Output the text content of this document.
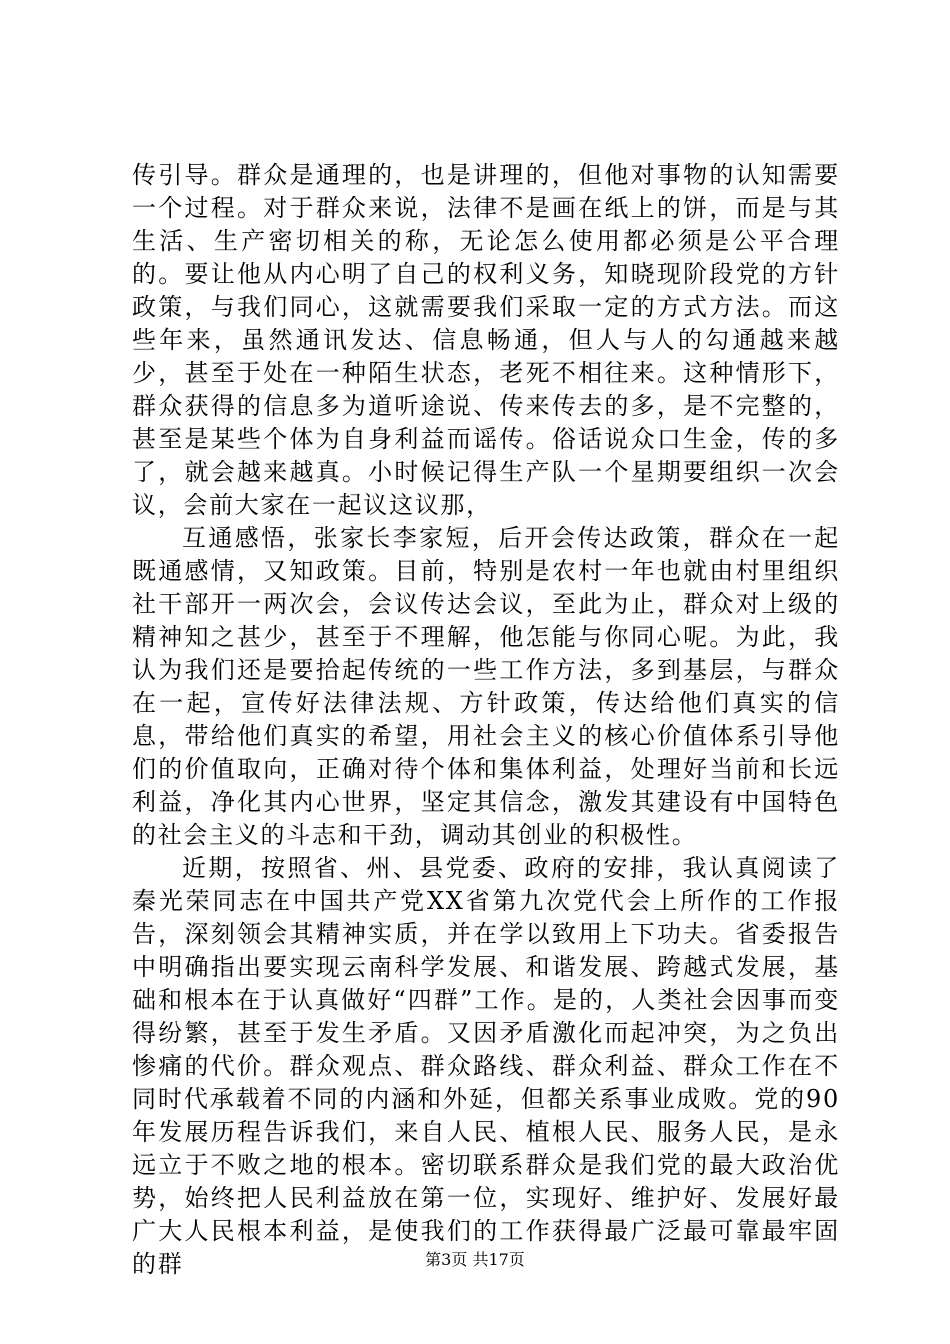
传引导。群众是通理的，也是讲理的，但他对事物的认知需要一个过程。对于群众来说，法律不是画在纸上的饼，而是与其生活、生产密切相关的称，无论怎么使用都必须是公平合理的。要让他从内心明了自己的权利义务，知晓现阶段党的方针政策，与我们同心，这就需要我们采取一定的方式方法。而这些年来，虽然通讯发达、信息畅通，但人与人的勾通越来越少，甚至于处在一种陌生状态，老死不相往来。这种情形下，群众获得的信息多为道听途说、传来传去的多，是不完整的，甚至是某些个体为自身利益而谣传。俗话说众口生金，传的多了，就会越来越真。小时候记得生产队一个星期要组织一次会议，会前大家在一起议这议那，

互通感悟，张家长李家短，后开会传达政策，群众在一起既通感情，又知政策。目前，特别是农村一年也就由村里组织社干部开一两次会，会议传达会议，至此为止，群众对上级的精神知之甚少，甚至于不理解，他怎能与你同心呢。为此，我认为我们还是要拾起传统的一些工作方法，多到基层，与群众在一起，宣传好法律法规、方针政策，传达给他们真实的信息，带给他们真实的希望，用社会主义的核心价值体系引导他们的价值取向，正确对待个体和集体利益，处理好当前和长远利益，净化其内心世界，坚定其信念，激发其建设有中国特色的社会主义的斗志和干劲，调动其创业的积极性。

近期，按照省、州、县党委、政府的安排，我认真阅读了秦光荣同志在中国共产党XX省第九次党代会上所作的工作报告，深刻领会其精神实质，并在学以致用上下功夫。省委报告中明确指出要实现云南科学发展、和谐发展、跨越式发展，基础和根本在于认真做好“四群”工作。是的，人类社会因事而变得纷繁，甚至于发生矛盾。又因矛盾激化而起冲突，为之负出惨痛的代价。群众观点、群众路线、群众利益、群众工作在不同时代承载着不同的内涵和外延，但都关系事业成败。党的90年发展历程告诉我们，来自人民、植根人民、服务人民，是永远立于不败之地的根本。密切联系群众是我们党的最大政治优势，始终把人民利益放在第一位，实现好、维护好、发展好最广大人民根本利益，是使我们的工作获得最广泛最可靠最牢固的群	第3页 共17页
